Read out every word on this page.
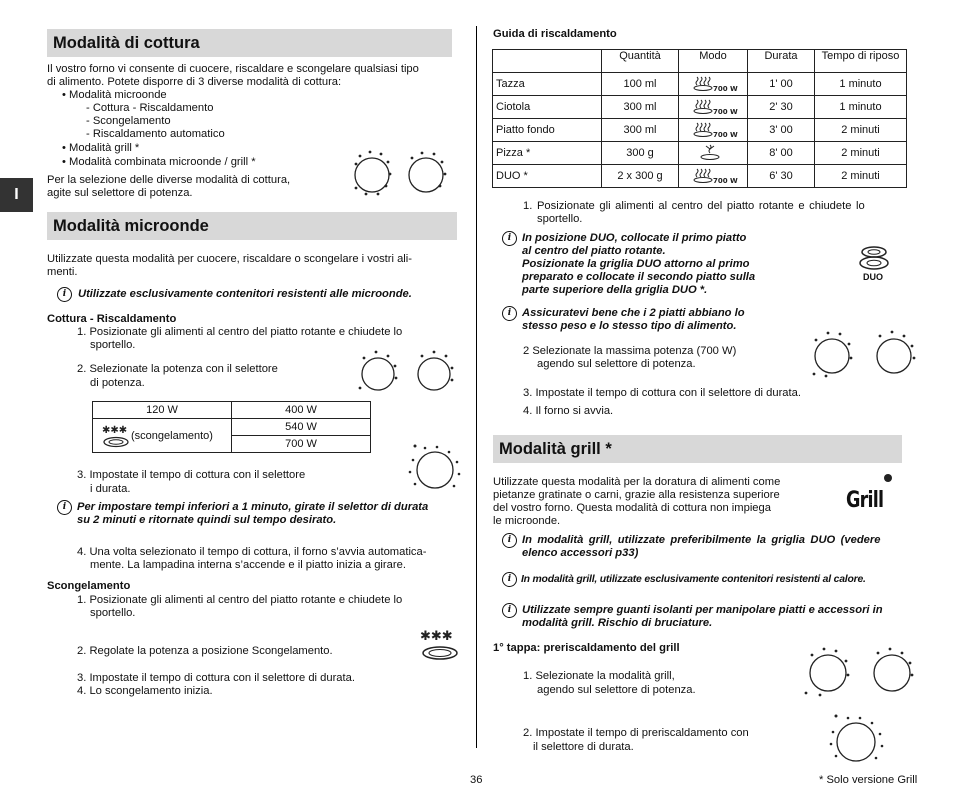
I
Modalità di cottura

Il vostro forno vi consente di cuocere, riscaldare e scongelare qualsiasi tipo

di alimento. Potete disporre di 3 diverse modalità di cottura:

• Modalità microonde

- Cottura - Riscaldamento

- Scongelamento

- Riscaldamento automatico

• Modalità grill *

• Modalità combinata microonde / grill *

Per la selezione delle diverse modalità di cottura,

agite sul selettore di potenza.

Modalità microonde

Utilizzate questa modalità per cuocere, riscaldare o scongelare i vostri ali-

menti.

i	Utilizzate esclusivamente contenitori resistenti alle microonde.

Cottura - Riscaldamento

1. Posizionate gli alimenti al centro del piatto rotante e chiudete lo

sportello.

2. Selezionate la potenza con il selettore

di potenza.

120 W	400 W

✱✱✱ (scongelamento)	540 W
	700 W

3. Impostate il tempo di cottura con il selettore

i durata.

i Per impostare tempi inferiori a 1 minuto, girate il selettor di durata

su 2 minuti e ritornate quindi sul tempo desirato.

4. Una volta selezionato il tempo di cottura, il forno s’avvia automatica-

mente. La lampadina interna s’accende e il piatto inizia a girare.

Scongelamento

1. Posizionate gli alimenti al centro del piatto rotante e chiudete lo

sportello.

✱✱✱

2. Regolate la potenza a posizione Scongelamento.

3. Impostate il tempo di cottura con il selettore di durata.

4. Lo scongelamento inizia.

36

Guida di riscaldamento

	Quantità	Modo	Durata	Tempo di riposo
Tazza	100 ml	700 W	1' 00	1 minuto
Ciotola	300 ml	700 W	2' 30	1 minuto
Piatto fondo	300 ml	700 W	3' 00	2 minuti
Pizza *	300 g		8' 00	2 minuti
DUO *	2 x 300 g	700 W	6' 30	2 minuti

1. Posizionate gli alimenti al centro del piatto rotante e chiudete lo

sportello.

i In posizione DUO, collocate il primo piatto

al centro del piatto rotante.

Posizionate la griglia DUO attorno al primo

preparato e collocate il secondo piatto sulla

parte superiore della griglia DUO *.

DUO
i Assicuratevi bene che i 2 piatti abbiano lo

stesso peso e lo stesso tipo di alimento.

2 Selezionate la massima potenza (700 W)

agendo sul selettore di potenza.

3. Impostate il tempo di cottura con il selettore di durata.

4. Il forno si avvia.

Modalità grill *

Utilizzate questa modalità per la doratura di alimenti come

pietanze gratinate o carni, grazie alla resistenza superiore

del vostro forno. Questa modalità di cottura non impiega

le microonde.

Grill
i In modalità grill, utilizzate preferibilmente la griglia DUO (vedere

elenco accessori p33)

i In modalità grill, utilizzate esclusivamente contenitori resistenti al calore.

i Utilizzate sempre guanti isolanti per manipolare piatti e accessori in

modalità grill. Rischio di bruciature.

1° tappa: preriscaldamento del grill

1. Selezionate la modalità grill,

agendo sul selettore di potenza.

2. Impostate il tempo di preriscaldamento con

il selettore di durata.

* Solo versione Grill
